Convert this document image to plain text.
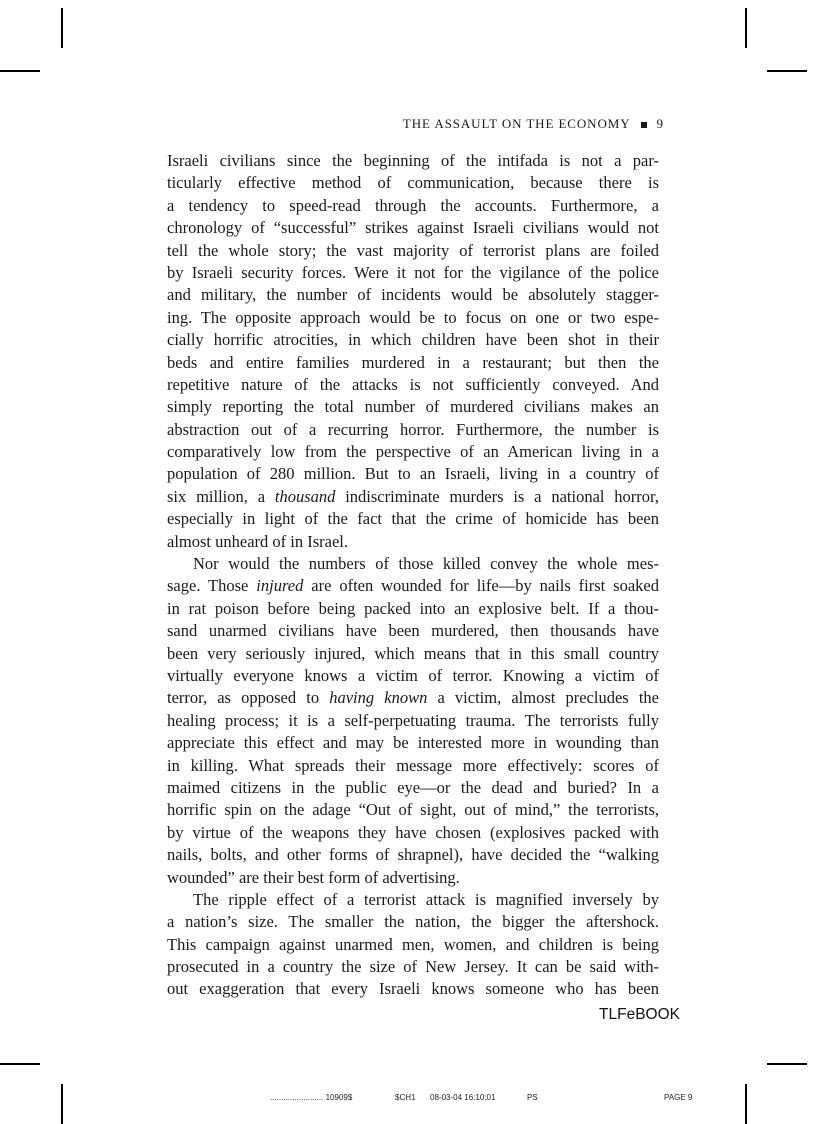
THE ASSAULT ON THE ECONOMY 9
Israeli civilians since the beginning of the intifada is not a par-
ticularly effective method of communication, because there is
a tendency to speed-read through the accounts. Furthermore, a
chronology of “successful” strikes against Israeli civilians would not
tell the whole story; the vast majority of terrorist plans are foiled
by Israeli security forces. Were it not for the vigilance of the police
and military, the number of incidents would be absolutely stagger-
ing. The opposite approach would be to focus on one or two espe-
cially horrific atrocities, in which children have been shot in their
beds and entire families murdered in a restaurant; but then the
repetitive nature of the attacks is not sufficiently conveyed. And
simply reporting the total number of murdered civilians makes an
abstraction out of a recurring horror. Furthermore, the number is
comparatively low from the perspective of an American living in a
population of 280 million. But to an Israeli, living in a country of
six million, a thousand indiscriminate murders is a national horror,
especially in light of the fact that the crime of homicide has been
almost unheard of in Israel.
Nor would the numbers of those killed convey the whole mes-
sage. Those injured are often wounded for life—by nails first soaked
in rat poison before being packed into an explosive belt. If a thou-
sand unarmed civilians have been murdered, then thousands have
been very seriously injured, which means that in this small country
virtually everyone knows a victim of terror. Knowing a victim of
terror, as opposed to having known a victim, almost precludes the
healing process; it is a self-perpetuating trauma. The terrorists fully
appreciate this effect and may be interested more in wounding than
in killing. What spreads their message more effectively: scores of
maimed citizens in the public eye—or the dead and buried? In a
horrific spin on the adage “Out of sight, out of mind,” the terrorists,
by virtue of the weapons they have chosen (explosives packed with
nails, bolts, and other forms of shrapnel), have decided the “walking
wounded” are their best form of advertising.
The ripple effect of a terrorist attack is magnified inversely by
a nation’s size. The smaller the nation, the bigger the aftershock.
This campaign against unarmed men, women, and children is being
prosecuted in a country the size of New Jersey. It can be said with-
out exaggeration that every Israeli knows someone who has been
TLFeBOOK
........................ 10909$	$CH1 08-03-04 16:10:01	PS	PAGE 9
